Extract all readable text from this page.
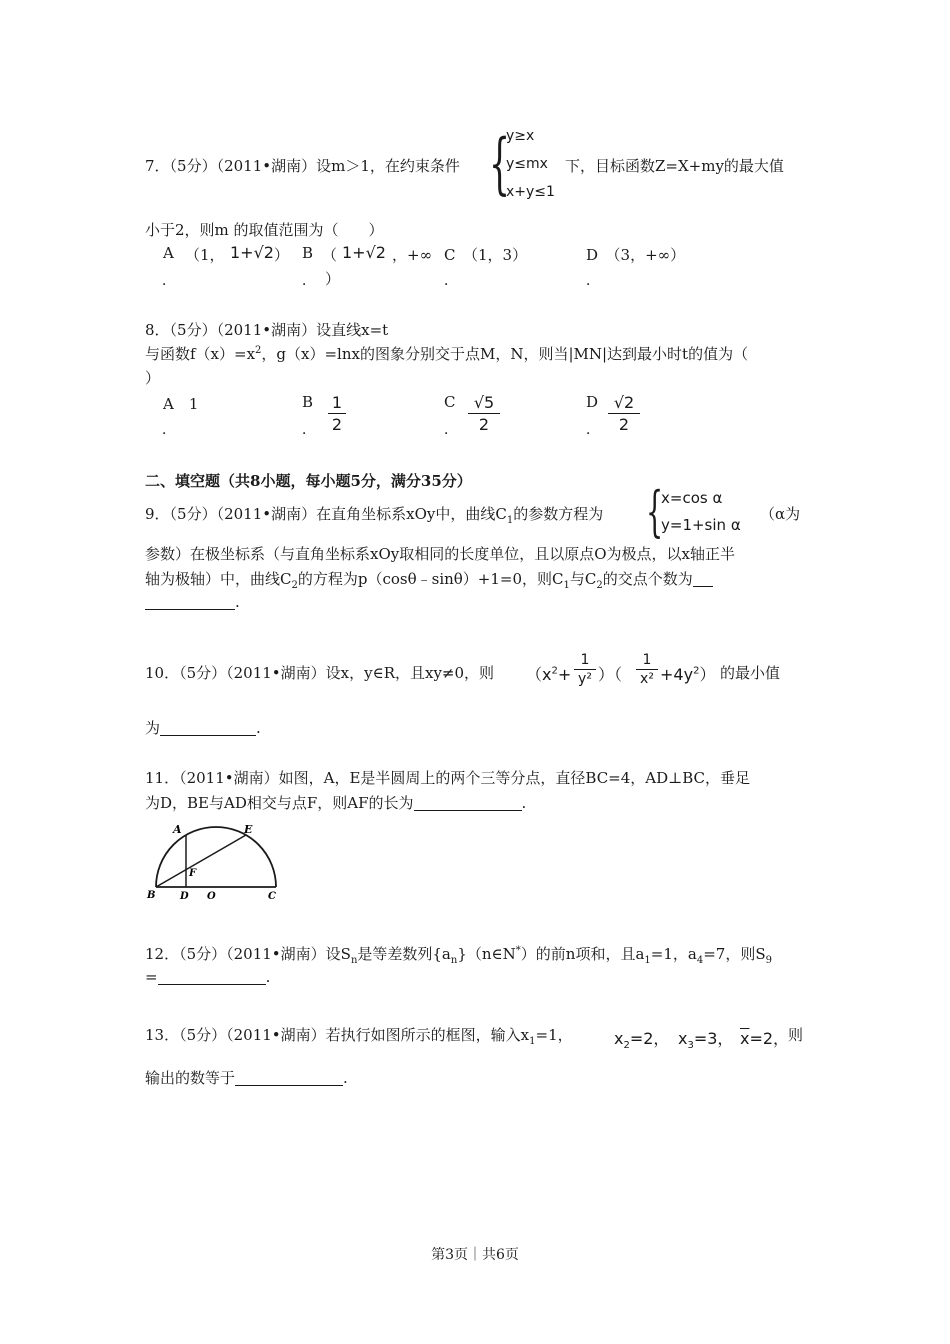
7．（5分）（2011•湖南）设m＞1，在约束条件 {
y≥x
y≤mx
x+y≤1
下，目标函数Z=X+my的最大值
小于2，则m 的取值范围为（　　）
A （1， 1+√2 ）
．
B （ 1+√2 ，+∞
． ）
C　（1，3）
．
D　（3，+∞）
．
8．（5分）（2011•湖南）设直线x=t
与函数$f(x)=x^2$，g（x）=lnx的图象分别交于点M，N，则当|MN|达到最小时t的值为（
）
A　1
．
B
．
1
2
C
．
√5
2
D
．
√2
2
二、填空题（共8小题，每小题5分，满分35分）
9．（5分）（2011•湖南）在直角坐标系xOy中，曲线$C_1$的参数方程为 {
x=cos α
y=1+sin α
（α为
参数）在极坐标系（与直角坐标系xOy取相同的长度单位，且以原点O为极点，以x轴正半
轴为极轴）中，曲线$C_2$的方程为p（cosθ﹣sinθ）+1=0，则$C_1$与$C_2$的交点个数为
.
10．（5分）（2011•湖南）设x，y∈R，且xy≠0，则 （$x^2+$
1
y² ）（
1
$x^2 +4y^2$） 的最小值
为	.
11．（2011•湖南）如图，A，E是半圆周上的两个三等分点，直径BC=4，AD⊥BC，垂足
为D，BE与AD相交与点F，则AF的长为	.
A	E
F
B D O	C
12．（5分）（2011•湖南）设$S_n$是等差数列$\{a_n\}(n\in N^*)$的前n项和，且$a_1=1$，$a_4=7$，则$S_9$
=	.
13．（5分）（2011•湖南）若执行如图所示的框图，输入$x_1=1$，	$x_2=2$， $x_3=3$， $\overline{x}=2$，
则
输出的数等于	.
第3页｜共6页
